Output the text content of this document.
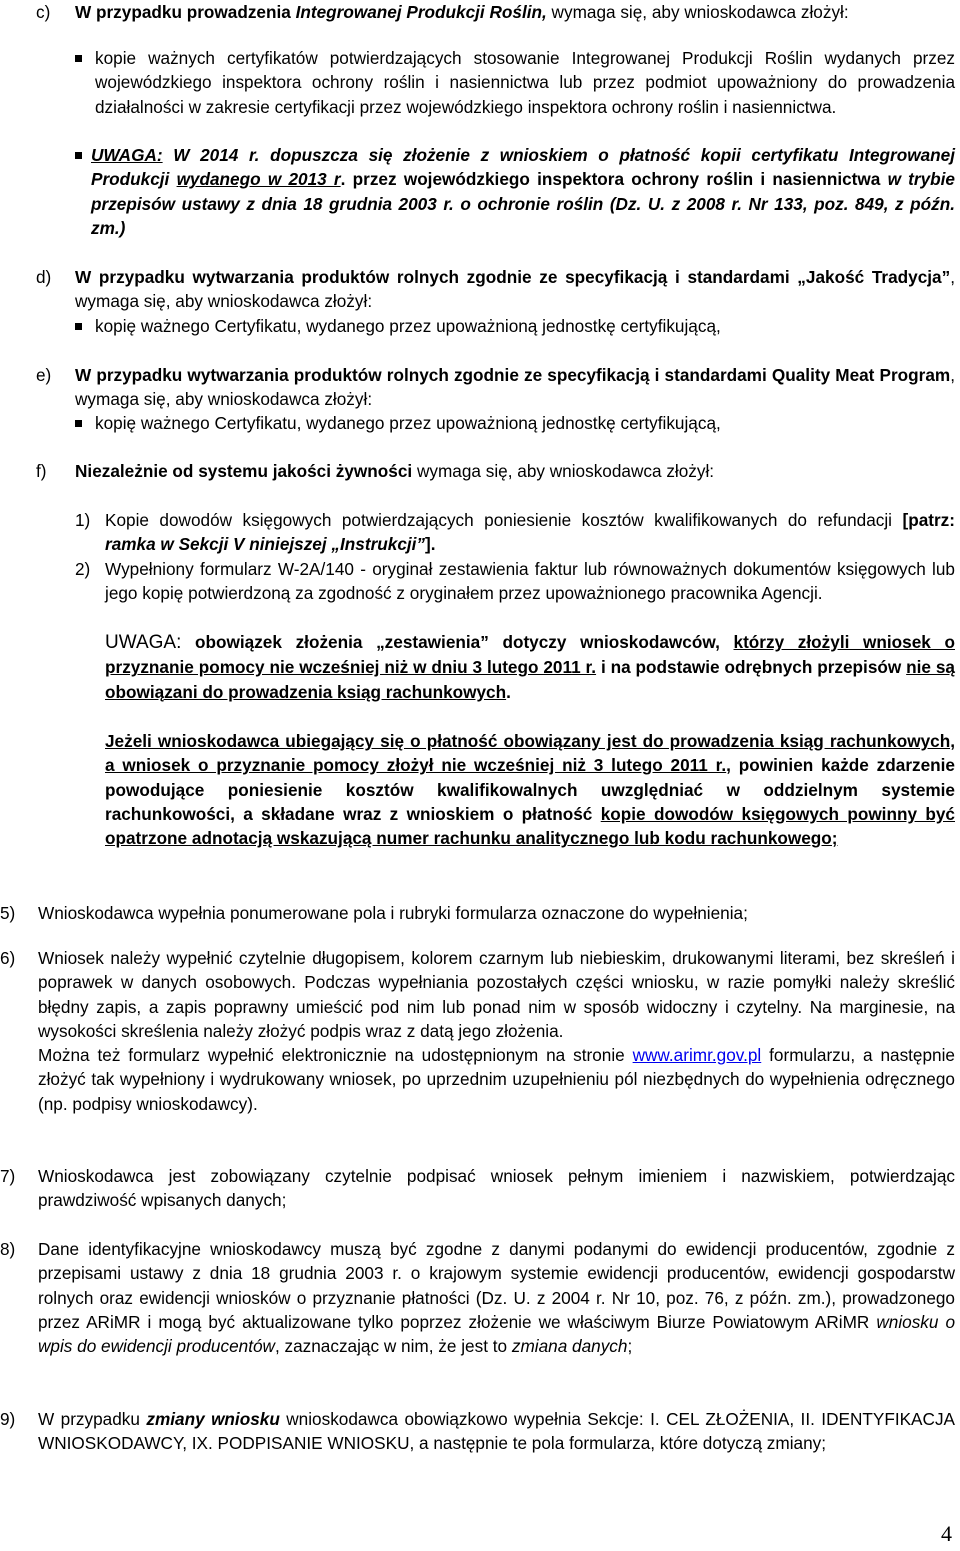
c) W przypadku prowadzenia Integrowanej Produkcji Roślin, wymaga się, aby wnioskodawca złożył:

kopie ważnych certyfikatów potwierdzających stosowanie Integrowanej Produkcji Roślin wydanych przez wojewódzkiego inspektora ochrony roślin i nasiennictwa lub przez podmiot upoważniony do prowadzenia działalności w zakresie certyfikacji przez wojewódzkiego inspektora ochrony roślin i nasiennictwa.

UWAGA: W 2014 r. dopuszcza się złożenie z wnioskiem o płatność kopii certyfikatu Integrowanej Produkcji wydanego w 2013 r. przez wojewódzkiego inspektora ochrony roślin i nasiennictwa w trybie przepisów ustawy z dnia 18 grudnia 2003 r. o ochronie roślin (Dz. U. z 2008 r. Nr 133, poz. 849, z późn. zm.)
d) W przypadku wytwarzania produktów rolnych zgodnie ze specyfikacją i standardami „Jakość Tradycja”, wymaga się, aby wnioskodawca złożył:

kopię ważnego Certyfikatu, wydanego przez upoważnioną jednostkę certyfikującą,

e) W przypadku wytwarzania produktów rolnych zgodnie ze specyfikacją i standardami Quality Meat Program, wymaga się, aby wnioskodawca złożył:

kopię ważnego Certyfikatu, wydanego przez upoważnioną jednostkę certyfikującą,

f) Niezależnie od systemu jakości żywności wymaga się, aby wnioskodawca złożył:
1) Kopie dowodów księgowych potwierdzających poniesienie kosztów kwalifikowanych do refundacji [patrz: ramka w Sekcji V niniejszej „Instrukcji”].
2) Wypełniony formularz W-2A/140 - oryginał zestawienia faktur lub równoważnych dokumentów księgowych lub jego kopię potwierdzoną za zgodność z oryginałem przez upoważnionego pracownika Agencji.

UWAGA: obowiązek złożenia „zestawienia” dotyczy wnioskodawców, którzy złożyli wniosek o przyznanie pomocy nie wcześniej niż w dniu 3 lutego 2011 r. i na podstawie odrębnych przepisów nie są obowiązani do prowadzenia ksiąg rachunkowych.
Jeżeli wnioskodawca ubiegający się o płatność obowiązany jest do prowadzenia ksiąg rachunkowych, a wniosek o przyznanie pomocy złożył nie wcześniej niż 3 lutego 2011 r., powinien każde zdarzenie powodujące poniesienie kosztów kwalifikowalnych uwzględniać w oddzielnym systemie rachunkowości, a składane wraz z wnioskiem o płatność kopie dowodów księgowych powinny być opatrzone adnotacją wskazującą numer rachunku analitycznego lub kodu rachunkowego;
5) Wnioskodawca wypełnia ponumerowane pola i rubryki formularza oznaczone do wypełnienia;

6) Wniosek należy wypełnić czytelnie długopisem, kolorem czarnym lub niebieskim, drukowanymi literami, bez skreśleń i poprawek w danych osobowych. Podczas wypełniania pozostałych części wniosku, w razie pomyłki należy skreślić błędny zapis, a zapis poprawny umieścić pod nim lub ponad nim w sposób widoczny i czytelny. Na marginesie, na wysokości skreślenia należy złożyć podpis wraz z datą jego złożenia.

Można też formularz wypełnić elektronicznie na udostępnionym na stronie www.arimr.gov.pl formularzu, a następnie złożyć tak wypełniony i wydrukowany wniosek, po uprzednim uzupełnieniu pól niezbędnych do wypełnienia odręcznego (np. podpisy wnioskodawcy).

7) Wnioskodawca jest zobowiązany czytelnie podpisać wniosek pełnym imieniem i nazwiskiem, potwierdzając prawdziwość wpisanych danych;

8) Dane identyfikacyjne wnioskodawcy muszą być zgodne z danymi podanymi do ewidencji producentów, zgodnie z przepisami ustawy z dnia 18 grudnia 2003 r. o krajowym systemie ewidencji producentów, ewidencji gospodarstw rolnych oraz ewidencji wniosków o przyznanie płatności (Dz. U. z 2004 r. Nr 10, poz. 76, z późn. zm.), prowadzonego przez ARiMR i mogą być aktualizowane tylko poprzez złożenie we właściwym Biurze Powiatowym ARiMR wniosku o wpis do ewidencji producentów, zaznaczając w nim, że jest to zmiana danych;
9) W przypadku zmiany wniosku wnioskodawca obowiązkowo wypełnia Sekcje: I. CEL ZŁOŻENIA, II. IDENTYFIKACJA WNIOSKODAWCY, IX. PODPISANIE WNIOSKU, a następnie te pola formularza, które dotyczą zmiany;
4
